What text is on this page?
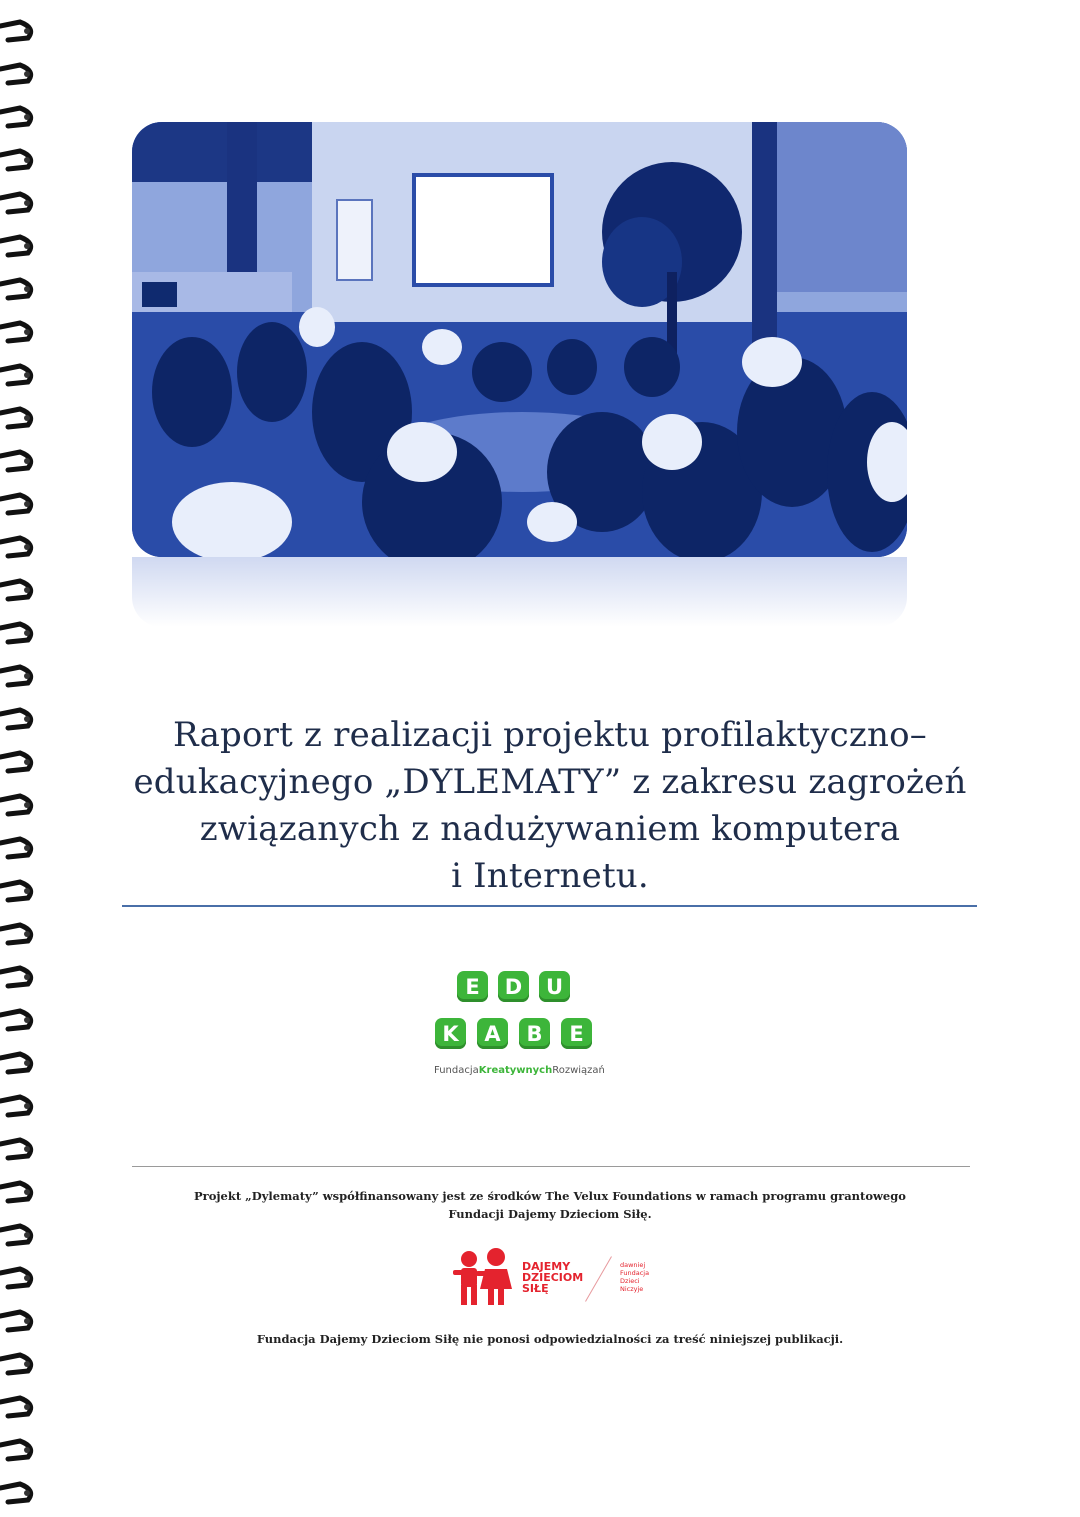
Raport z realizacji projektu profilaktyczno–
edukacyjnego „DYLEMATY” z zakresu zagrożeń
związanych z nadużywaniem komputera
i Internetu.
E	D	U
K	A	B	E
FundacjaKreatywnychRozwiązań
Projekt „Dylematy” współfinansowany jest ze środków The Velux Foundations w ramach programu grantowego
Fundacji Dajemy Dzieciom Siłę.
DAJEMY
DZIECIOM
SIŁĘ
dawniej
Fundacja
Dzieci
Niczyje
Fundacja Dajemy Dzieciom Siłę nie ponosi odpowiedzialności za treść niniejszej publikacji.
